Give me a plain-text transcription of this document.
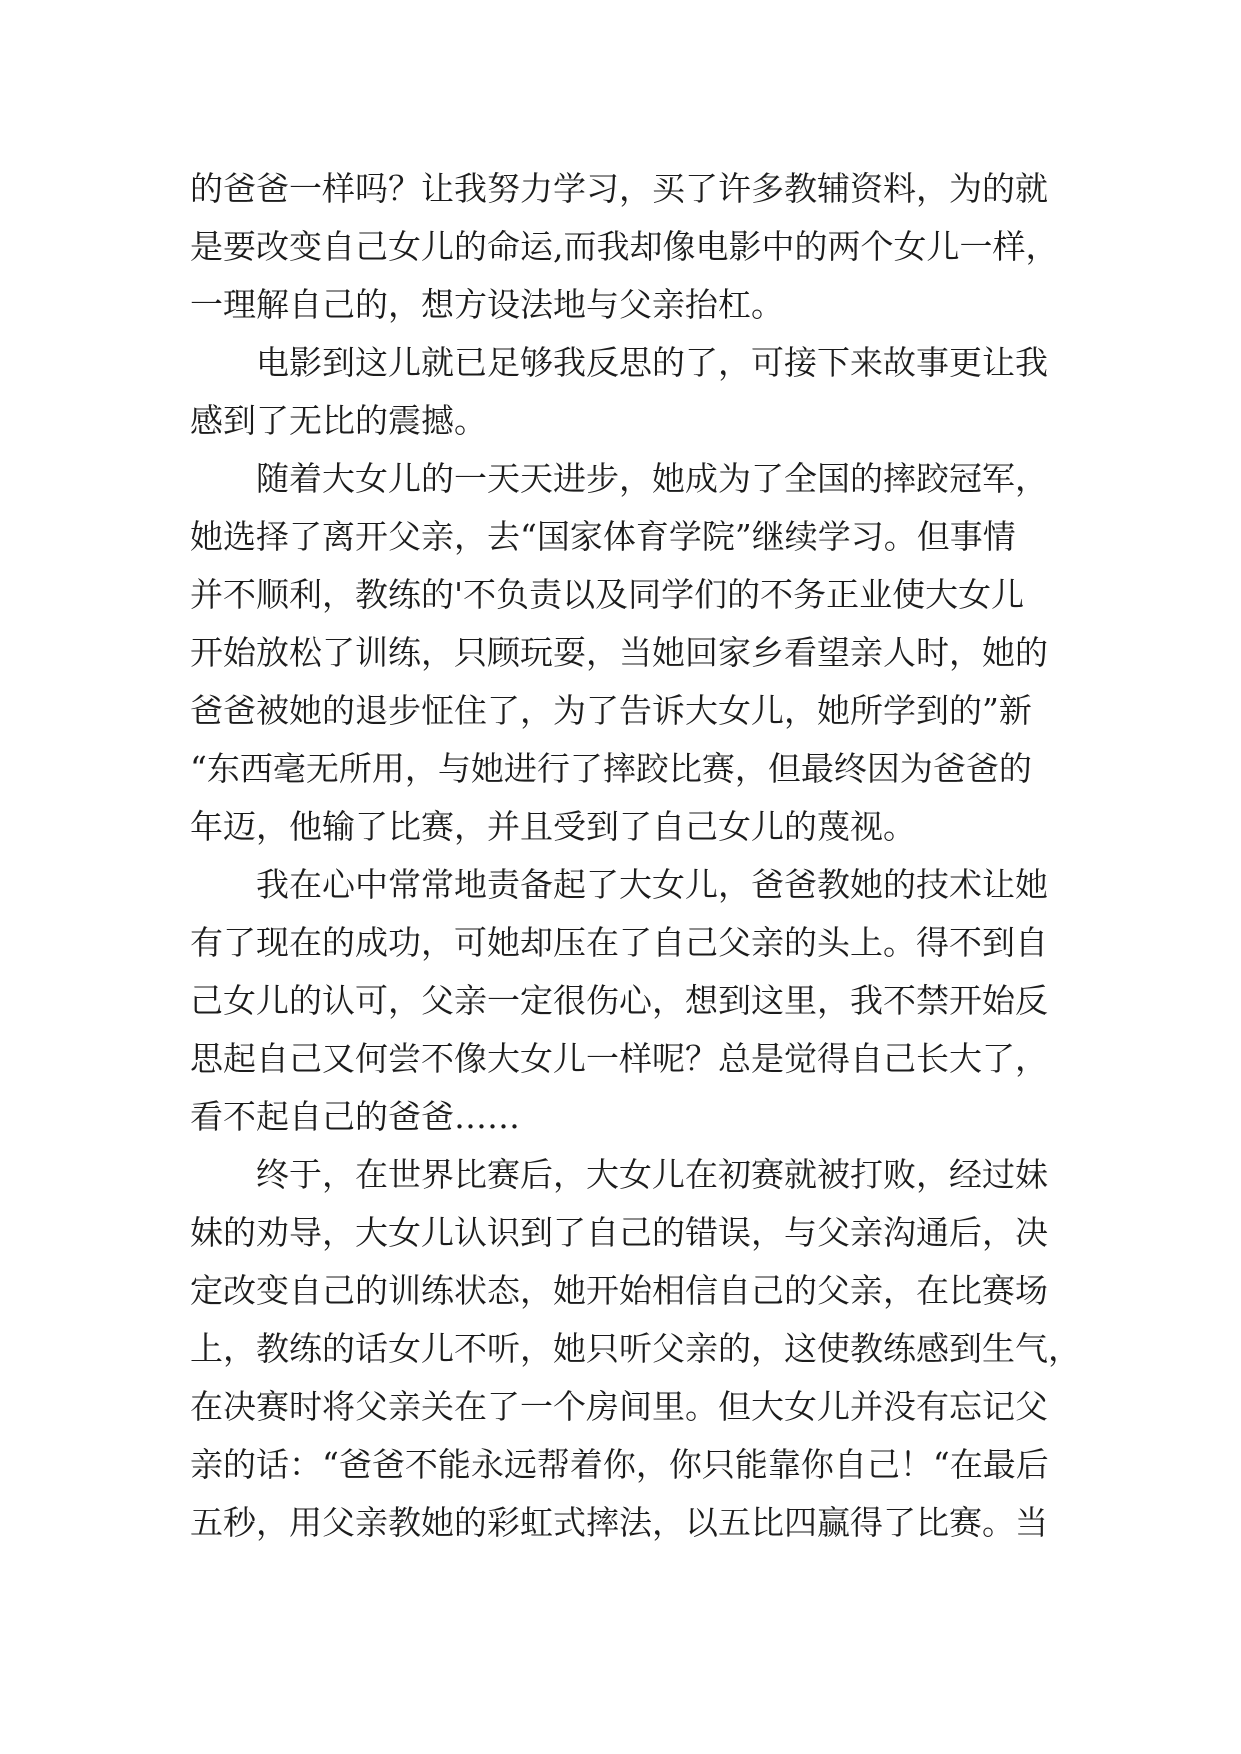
的爸爸一样吗？让我努力学习，买了许多教辅资料，为的就
是要改变自己女儿的命运,而我却像电影中的两个女儿一样，
一理解自己的，想方设法地与父亲抬杠。
电影到这儿就已足够我反思的了，可接下来故事更让我
感到了无比的震撼。
随着大女儿的一天天进步，她成为了全国的摔跤冠军，
她选择了离开父亲，去“国家体育学院”继续学习。但事情
并不顺利，教练的'不负责以及同学们的不务正业使大女儿
开始放松了训练，只顾玩耍，当她回家乡看望亲人时，她的
爸爸被她的退步怔住了，为了告诉大女儿，她所学到的”新
“东西毫无所用，与她进行了摔跤比赛，但最终因为爸爸的
年迈，他输了比赛，并且受到了自己女儿的蔑视。
我在心中常常地责备起了大女儿，爸爸教她的技术让她
有了现在的成功，可她却压在了自己父亲的头上。得不到自
己女儿的认可，父亲一定很伤心，想到这里，我不禁开始反
思起自己又何尝不像大女儿一样呢？总是觉得自己长大了，
看不起自己的爸爸……
终于，在世界比赛后，大女儿在初赛就被打败，经过妹
妹的劝导，大女儿认识到了自己的错误，与父亲沟通后，决
定改变自己的训练状态，她开始相信自己的父亲，在比赛场
上，教练的话女儿不听，她只听父亲的，这使教练感到生气，
在决赛时将父亲关在了一个房间里。但大女儿并没有忘记父
亲的话：“爸爸不能永远帮着你，你只能靠你自己！“在最后
五秒，用父亲教她的彩虹式摔法，以五比四赢得了比赛。当
